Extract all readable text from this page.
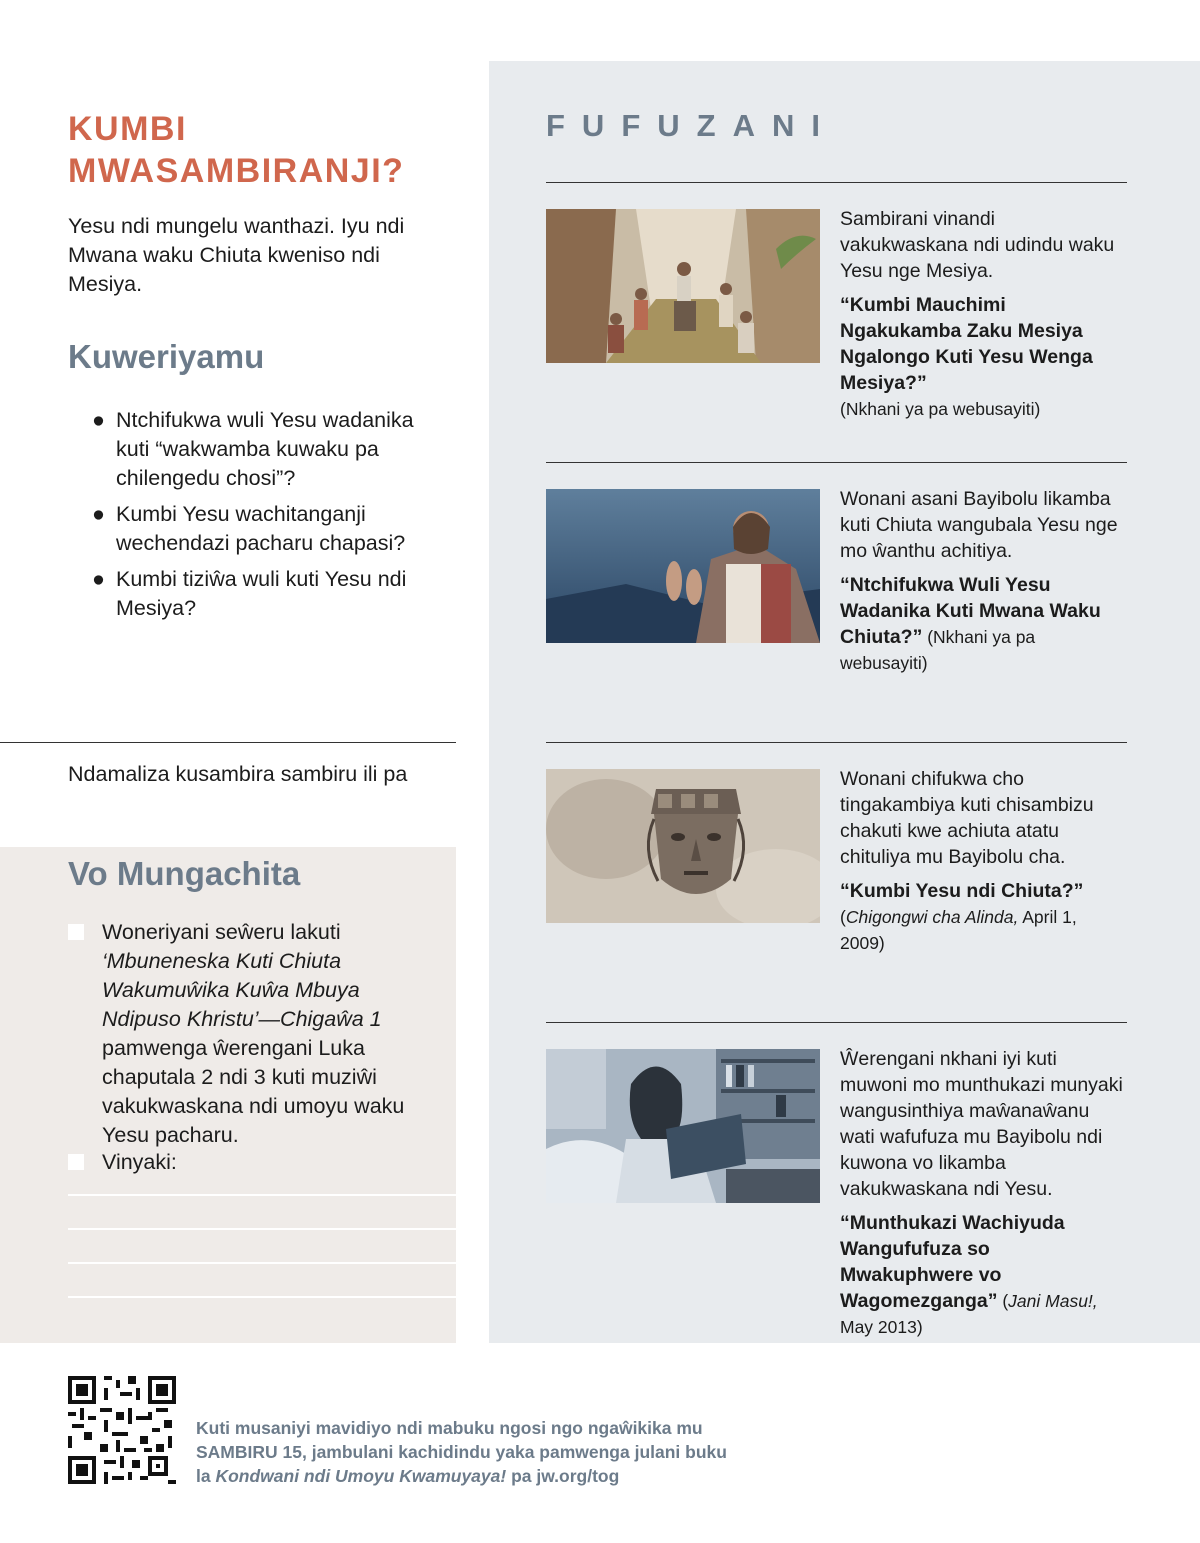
KUMBI MWASAMBIRANJI?
Yesu ndi mungelu wanthazi. Iyu ndi Mwana waku Chiuta kweniso ndi Mesiya.
Kuweriyamu
● Ntchifukwa wuli Yesu wadanika kuti “wakwamba kuwaku pa chilengedu chosi”?
● Kumbi Yesu wachitanganji wechendazi pacharu chapasi?
● Kumbi tiziŵa wuli kuti Yesu ndi Mesiya?
Ndamaliza kusambira sambiru ili pa
Vo Mungachita
Woneriyani seŵeru lakuti ‘Mbuneneska Kuti Chiuta Wakumuŵika Kuŵa Mbuya Ndipuso Khristu’—Chigaŵa 1 pamwenga ŵerengani Luka chaputala 2 ndi 3 kuti muziŵi vakukwaskana ndi umoyu waku Yesu pacharu.
Vinyaki:
FUFUZANI
Sambirani vinandi vakukwaskana ndi udindu waku Yesu nge Mesiya.
“Kumbi Mauchimi Ngakukamba Zaku Mesiya Ngalongo Kuti Yesu Wenga Mesiya?”
(Nkhani ya pa webusayiti)
Wonani asani Bayibolu likamba kuti Chiuta wangubala Yesu nge mo ŵanthu achitiya.
“Ntchifukwa Wuli Yesu Wadanika Kuti Mwana Waku Chiuta?” (Nkhani ya pa webusayiti)
Wonani chifukwa cho tingakambiya kuti chisambizu chakuti kwe achiuta atatu chituliya mu Bayibolu cha.
“Kumbi Yesu ndi Chiuta?”
(Chigongwi cha Alinda, April 1, 2009)
Ŵerengani nkhani iyi kuti muwoni mo munthukazi munyaki wangusinthiya maŵanaŵanu wati wafufuza mu Bayibolu ndi kuwona vo likamba vakukwaskana ndi Yesu.
“Munthukazi Wachiyuda Wangufufuza so Mwakuphwere vo Wagomezganga” (Jani Masu!, May 2013)
Kuti musaniyi mavidiyo ndi mabuku ngosi ngo ngaŵikika mu SAMBIRU 15, jambulani kachidindu yaka pamwenga julani buku la Kondwani ndi Umoyu Kwamuyaya! pa jw.org/tog
